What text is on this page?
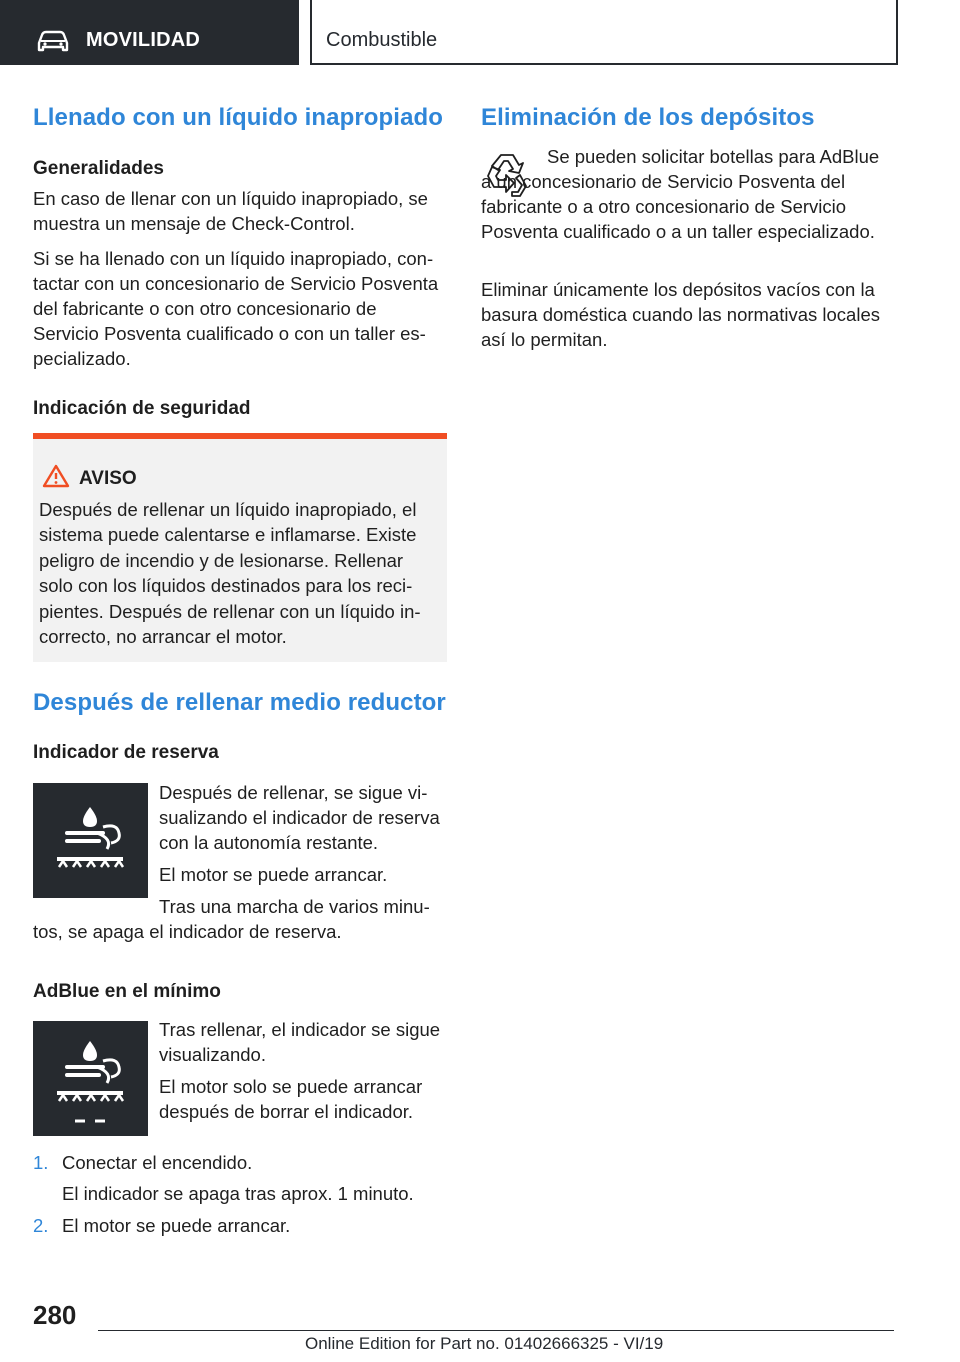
MOVILIDAD	Combustible
Llenado con un líquido inapropiado
Generalidades

En caso de llenar con un líquido inapropiado, se muestra un mensaje de Check-Control.

Si se ha llenado con un líquido inapropiado, contactar con un concesionario de Servicio Posventa del fabricante o con otro concesionario de Servicio Posventa cualificado o con un taller especializado.

Indicación de seguridad
AVISO

Después de rellenar un líquido inapropiado, el sistema puede calentarse e inflamarse. Existe peligro de incendio y de lesionarse. Rellenar solo con los líquidos destinados para los recipientes. Después de rellenar con un líquido incorrecto, no arrancar el motor.

Después de rellenar medio reductor
Indicador de reserva

Después de rellenar, se sigue visualizando el indicador de reserva con la autonomía restante.

El motor se puede arrancar.

Tras una marcha de varios minutos, se apaga el indicador de reserva.

AdBlue en el mínimo

Tras rellenar, el indicador se sigue visualizando.

El motor solo se puede arrancar después de borrar el indicador.

1. Conectar el encendido.

El indicador se apaga tras aprox. 1 minuto.

2. El motor se puede arrancar.

Eliminación de los depósitos

Se pueden solicitar botellas para AdBlue a un concesionario de Servicio Posventa del fabricante o a otro concesionario de Servicio Posventa cualificado o a un taller especializado.

Eliminar únicamente los depósitos vacíos con la basura doméstica cuando las normativas locales así lo permitan.

280
Online Edition for Part no. 01402666325 - VI/19
